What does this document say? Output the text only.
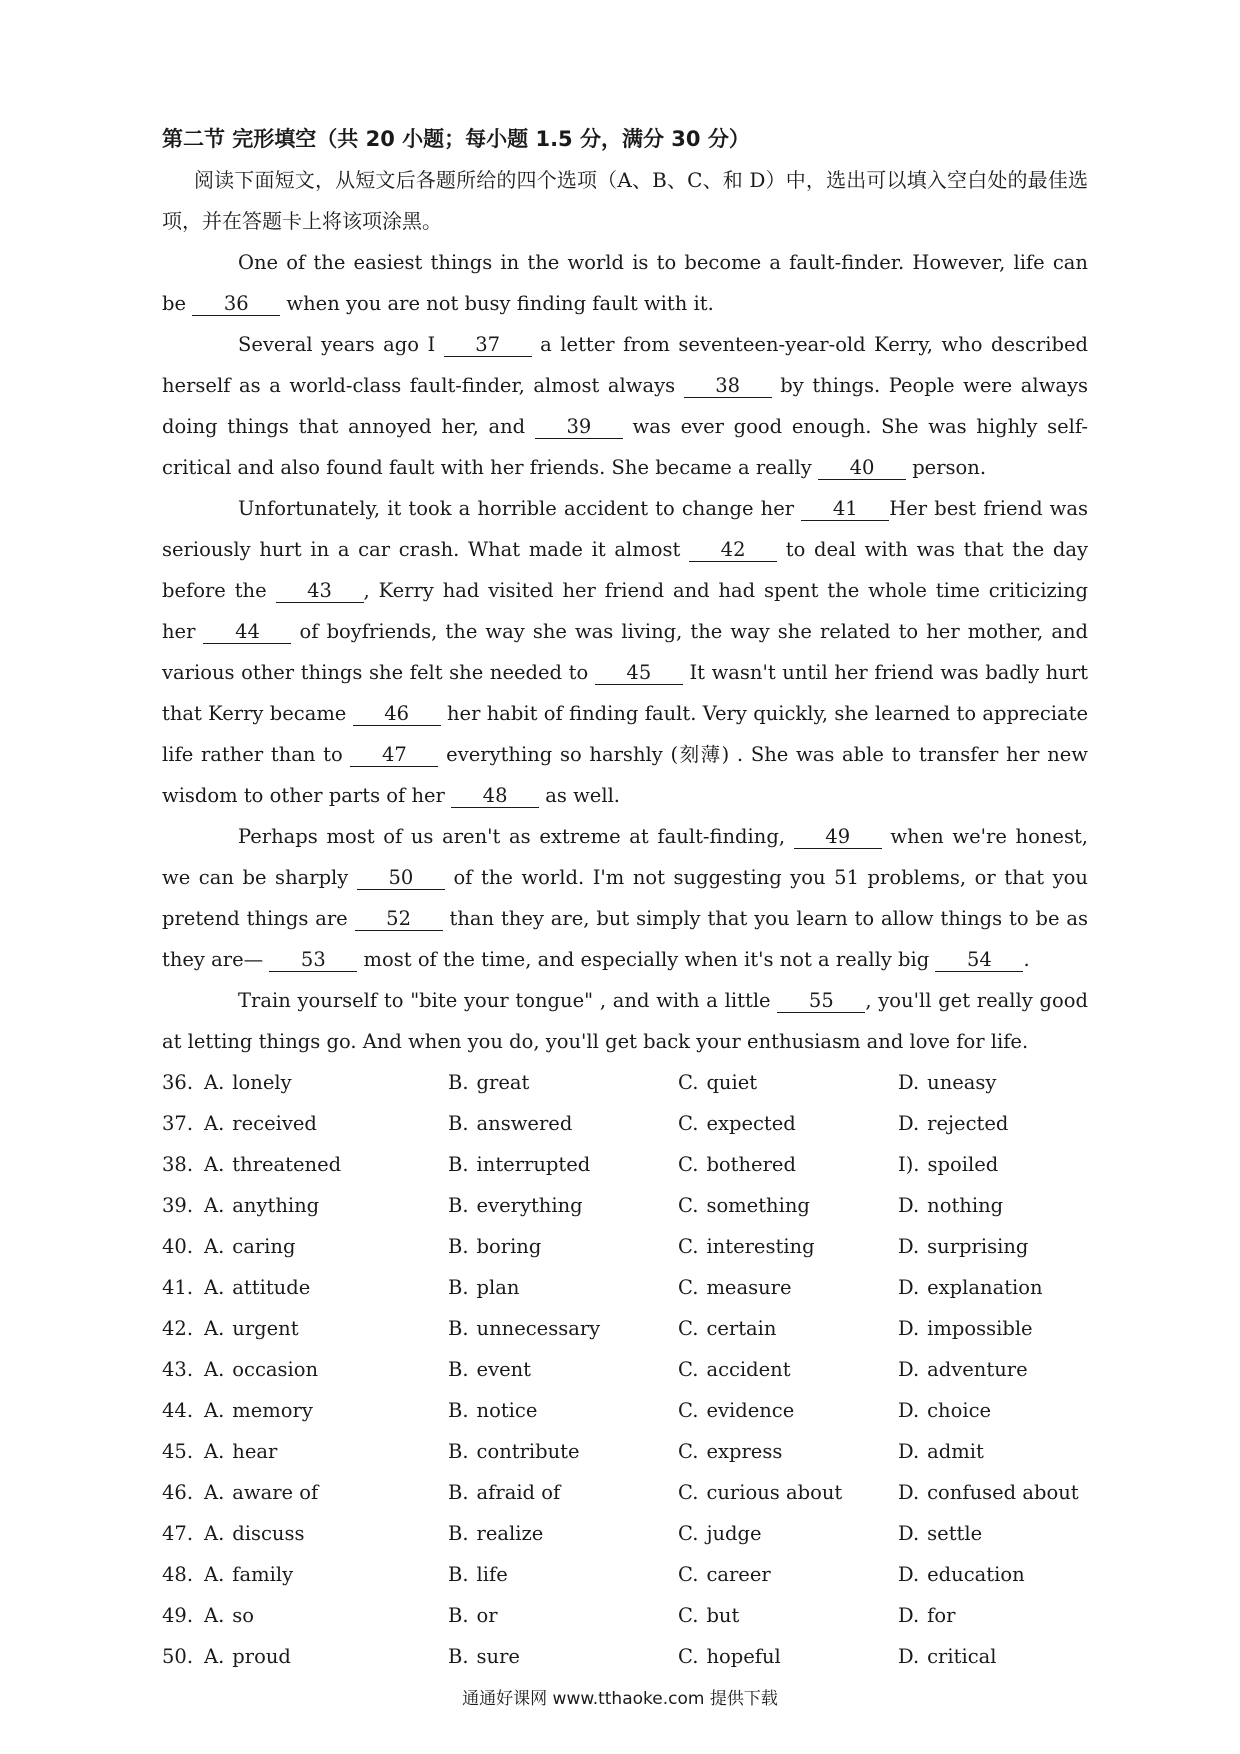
第二节 完形填空（共 20 小题；每小题 1.5 分，满分 30 分）

阅读下面短文，从短文后各题所给的四个选项（A、B、C、和 D）中，选出可以填入空白处的最佳选项，并在答题卡上将该项涂黑。

One of the easiest things in the world is to become a fault-finder. However, life can be 36 when you are not busy finding fault with it.

Several years ago I 37 a letter from seventeen-year-old Kerry, who described herself as a world-class fault-finder, almost always 38 by things. People were always doing things that annoyed her, and 39 was ever good enough. She was highly self-critical and also found fault with her friends. She became a really 40 person.

Unfortunately, it took a horrible accident to change her 41 Her best friend was seriously hurt in a car crash. What made it almost 42 to deal with was that the day before the 43 , Kerry had visited her friend and had spent the whole time criticizing her 44 of boyfriends, the way she was living, the way she related to her mother, and various other things she felt she needed to 45 It wasn't until her friend was badly hurt that Kerry became 46 her habit of finding fault. Very quickly, she learned to appreciate life rather than to 47 everything so harshly (刻薄) . She was able to transfer her new wisdom to other parts of her 48 as well.

Perhaps most of us aren't as extreme at fault-finding, 49 when we're honest, we can be sharply 50 of the world. I'm not suggesting you 51 problems, or that you pretend things are 52 than they are, but simply that you learn to allow things to be as they are— 53 most of the time, and especially when it's not a really big 54 .

Train yourself to "bite your tongue" , and with a little 55 , you'll get really good at letting things go. And when you do, you'll get back your enthusiasm and love for life.

36. A. lonely	B. great	C. quiet	D. uneasy
37. A. received	B. answered	C. expected	D. rejected
38. A. threatened	B. interrupted	C. bothered	I). spoiled
39. A. anything	B. everything	C. something	D. nothing
40. A. caring	B. boring	C. interesting	D. surprising
41. A. attitude	B. plan	C. measure	D. explanation
42. A. urgent	B. unnecessary	C. certain	D. impossible
43. A. occasion	B. event	C. accident	D. adventure
44. A. memory	B. notice	C. evidence	D. choice
45. A. hear	B. contribute	C. express	D. admit
46. A. aware of	B. afraid of	C. curious about	D. confused about
47. A. discuss	B. realize	C. judge	D. settle
48. A. family	B. life	C. career	D. education
49. A. so	B. or	C. but	D. for
50. A. proud	B. sure	C. hopeful	D. critical
通通好课网 www.tthaoke.com 提供下载
